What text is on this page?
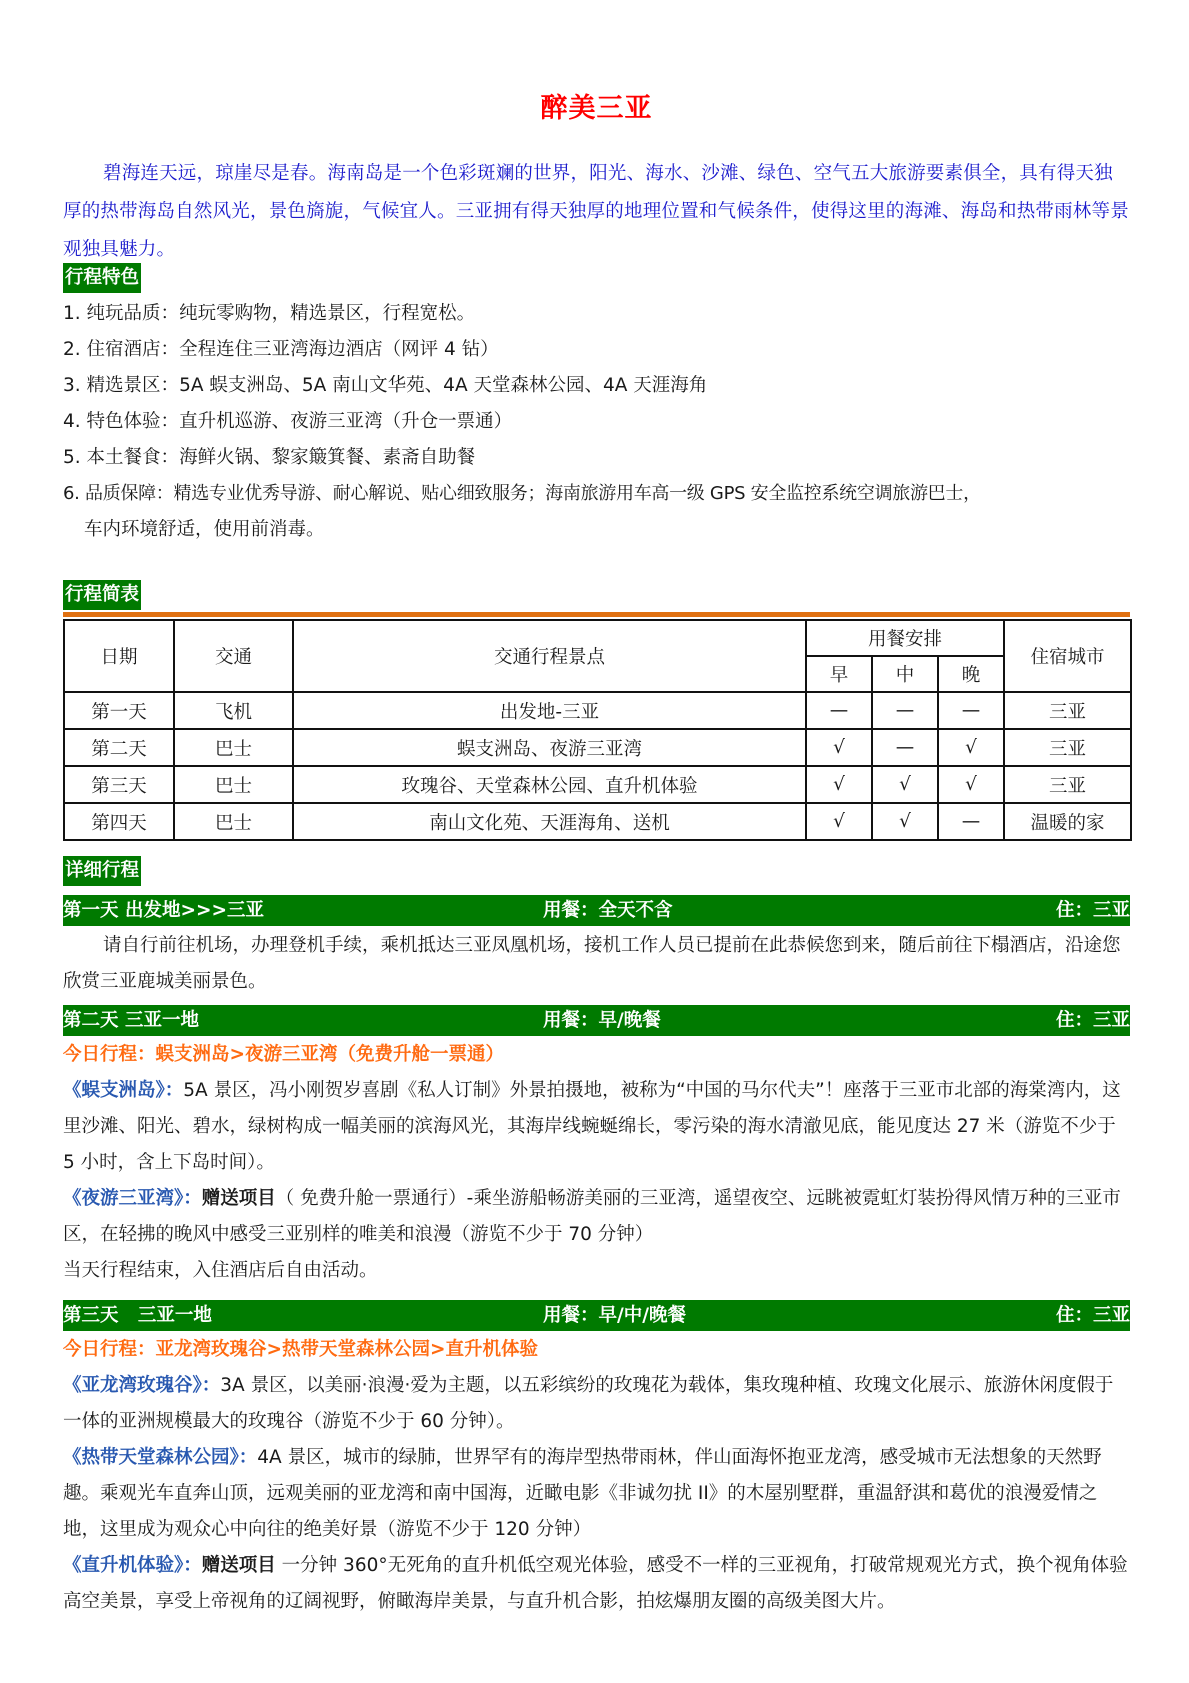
醉美三亚
碧海连天远，琼崖尽是春。海南岛是一个色彩斑斓的世界，阳光、海水、沙滩、绿色、空气五大旅游要素俱全，具有得天独厚的热带海岛自然风光，景色旖旎，气候宜人。三亚拥有得天独厚的地理位置和气候条件，使得这里的海滩、海岛和热带雨林等景观独具魅力。
行程特色
1. 纯玩品质：纯玩零购物，精选景区，行程宽松。
2. 住宿酒店：全程连住三亚湾海边酒店（网评 4 钻）
3. 精选景区：5A 蜈支洲岛、5A 南山文华苑、4A 天堂森林公园、4A 天涯海角
4. 特色体验：直升机巡游、夜游三亚湾（升仓一票通）
5. 本土餐食：海鲜火锅、黎家簸箕餐、素斋自助餐
6. 品质保障：精选专业优秀导游、耐心解说、贴心细致服务；海南旅游用车高一级 GPS 安全监控系统空调旅游巴士，
车内环境舒适，使用前消毒。
行程简表
日期	交通	交通行程景点	用餐安排			住宿城市
			早	中	晚	
第一天	飞机	出发地-三亚	—	—	—	三亚
第二天	巴士	蜈支洲岛、夜游三亚湾	√	—	√	三亚
第三天	巴士	玫瑰谷、天堂森林公园、直升机体验	√	√	√	三亚
第四天	巴士	南山文化苑、天涯海角、送机	√	√	—	温暖的家
详细行程
第一天 出发地>>>三亚	用餐：全天不含	住：三亚
请自行前往机场，办理登机手续，乘机抵达三亚凤凰机场，接机工作人员已提前在此恭候您到来，随后前往下榻酒店，沿途您欣赏三亚鹿城美丽景色。
第二天 三亚一地	用餐：早/晚餐	住：三亚
今日行程：蜈支洲岛>夜游三亚湾（免费升舱一票通）
《蜈支洲岛》：5A 景区，冯小刚贺岁喜剧《私人订制》外景拍摄地，被称为“中国的马尔代夫”！座落于三亚市北部的海棠湾内，这里沙滩、阳光、碧水，绿树构成一幅美丽的滨海风光，其海岸线蜿蜒绵长，零污染的海水清澈见底，能见度达 27 米（游览不少于 5 小时，含上下岛时间）。
《夜游三亚湾》：赠送项目（ 免费升舱一票通行）-乘坐游船畅游美丽的三亚湾，遥望夜空、远眺被霓虹灯装扮得风情万种的三亚市区，在轻拂的晚风中感受三亚别样的唯美和浪漫（游览不少于 70 分钟）
当天行程结束，入住酒店后自由活动。
第三天   三亚一地	用餐：早/中/晚餐	住：三亚
今日行程：亚龙湾玫瑰谷>热带天堂森林公园>直升机体验
《亚龙湾玫瑰谷》：3A 景区，以美丽·浪漫·爱为主题，以五彩缤纷的玫瑰花为载体，集玫瑰种植、玫瑰文化展示、旅游休闲度假于一体的亚洲规模最大的玫瑰谷（游览不少于 60 分钟）。
《热带天堂森林公园》：4A 景区，城市的绿肺，世界罕有的海岸型热带雨林，伴山面海怀抱亚龙湾，感受城市无法想象的天然野趣。乘观光车直奔山顶，远观美丽的亚龙湾和南中国海，近瞰电影《非诚勿扰 II》的木屋别墅群，重温舒淇和葛优的浪漫爱情之地，这里成为观众心中向往的绝美好景（游览不少于 120 分钟）
《直升机体验》：赠送项目 一分钟 360°无死角的直升机低空观光体验，感受不一样的三亚视角，打破常规观光方式，换个视角体验高空美景，享受上帝视角的辽阔视野，俯瞰海岸美景，与直升机合影，拍炫爆朋友圈的高级美图大片。
